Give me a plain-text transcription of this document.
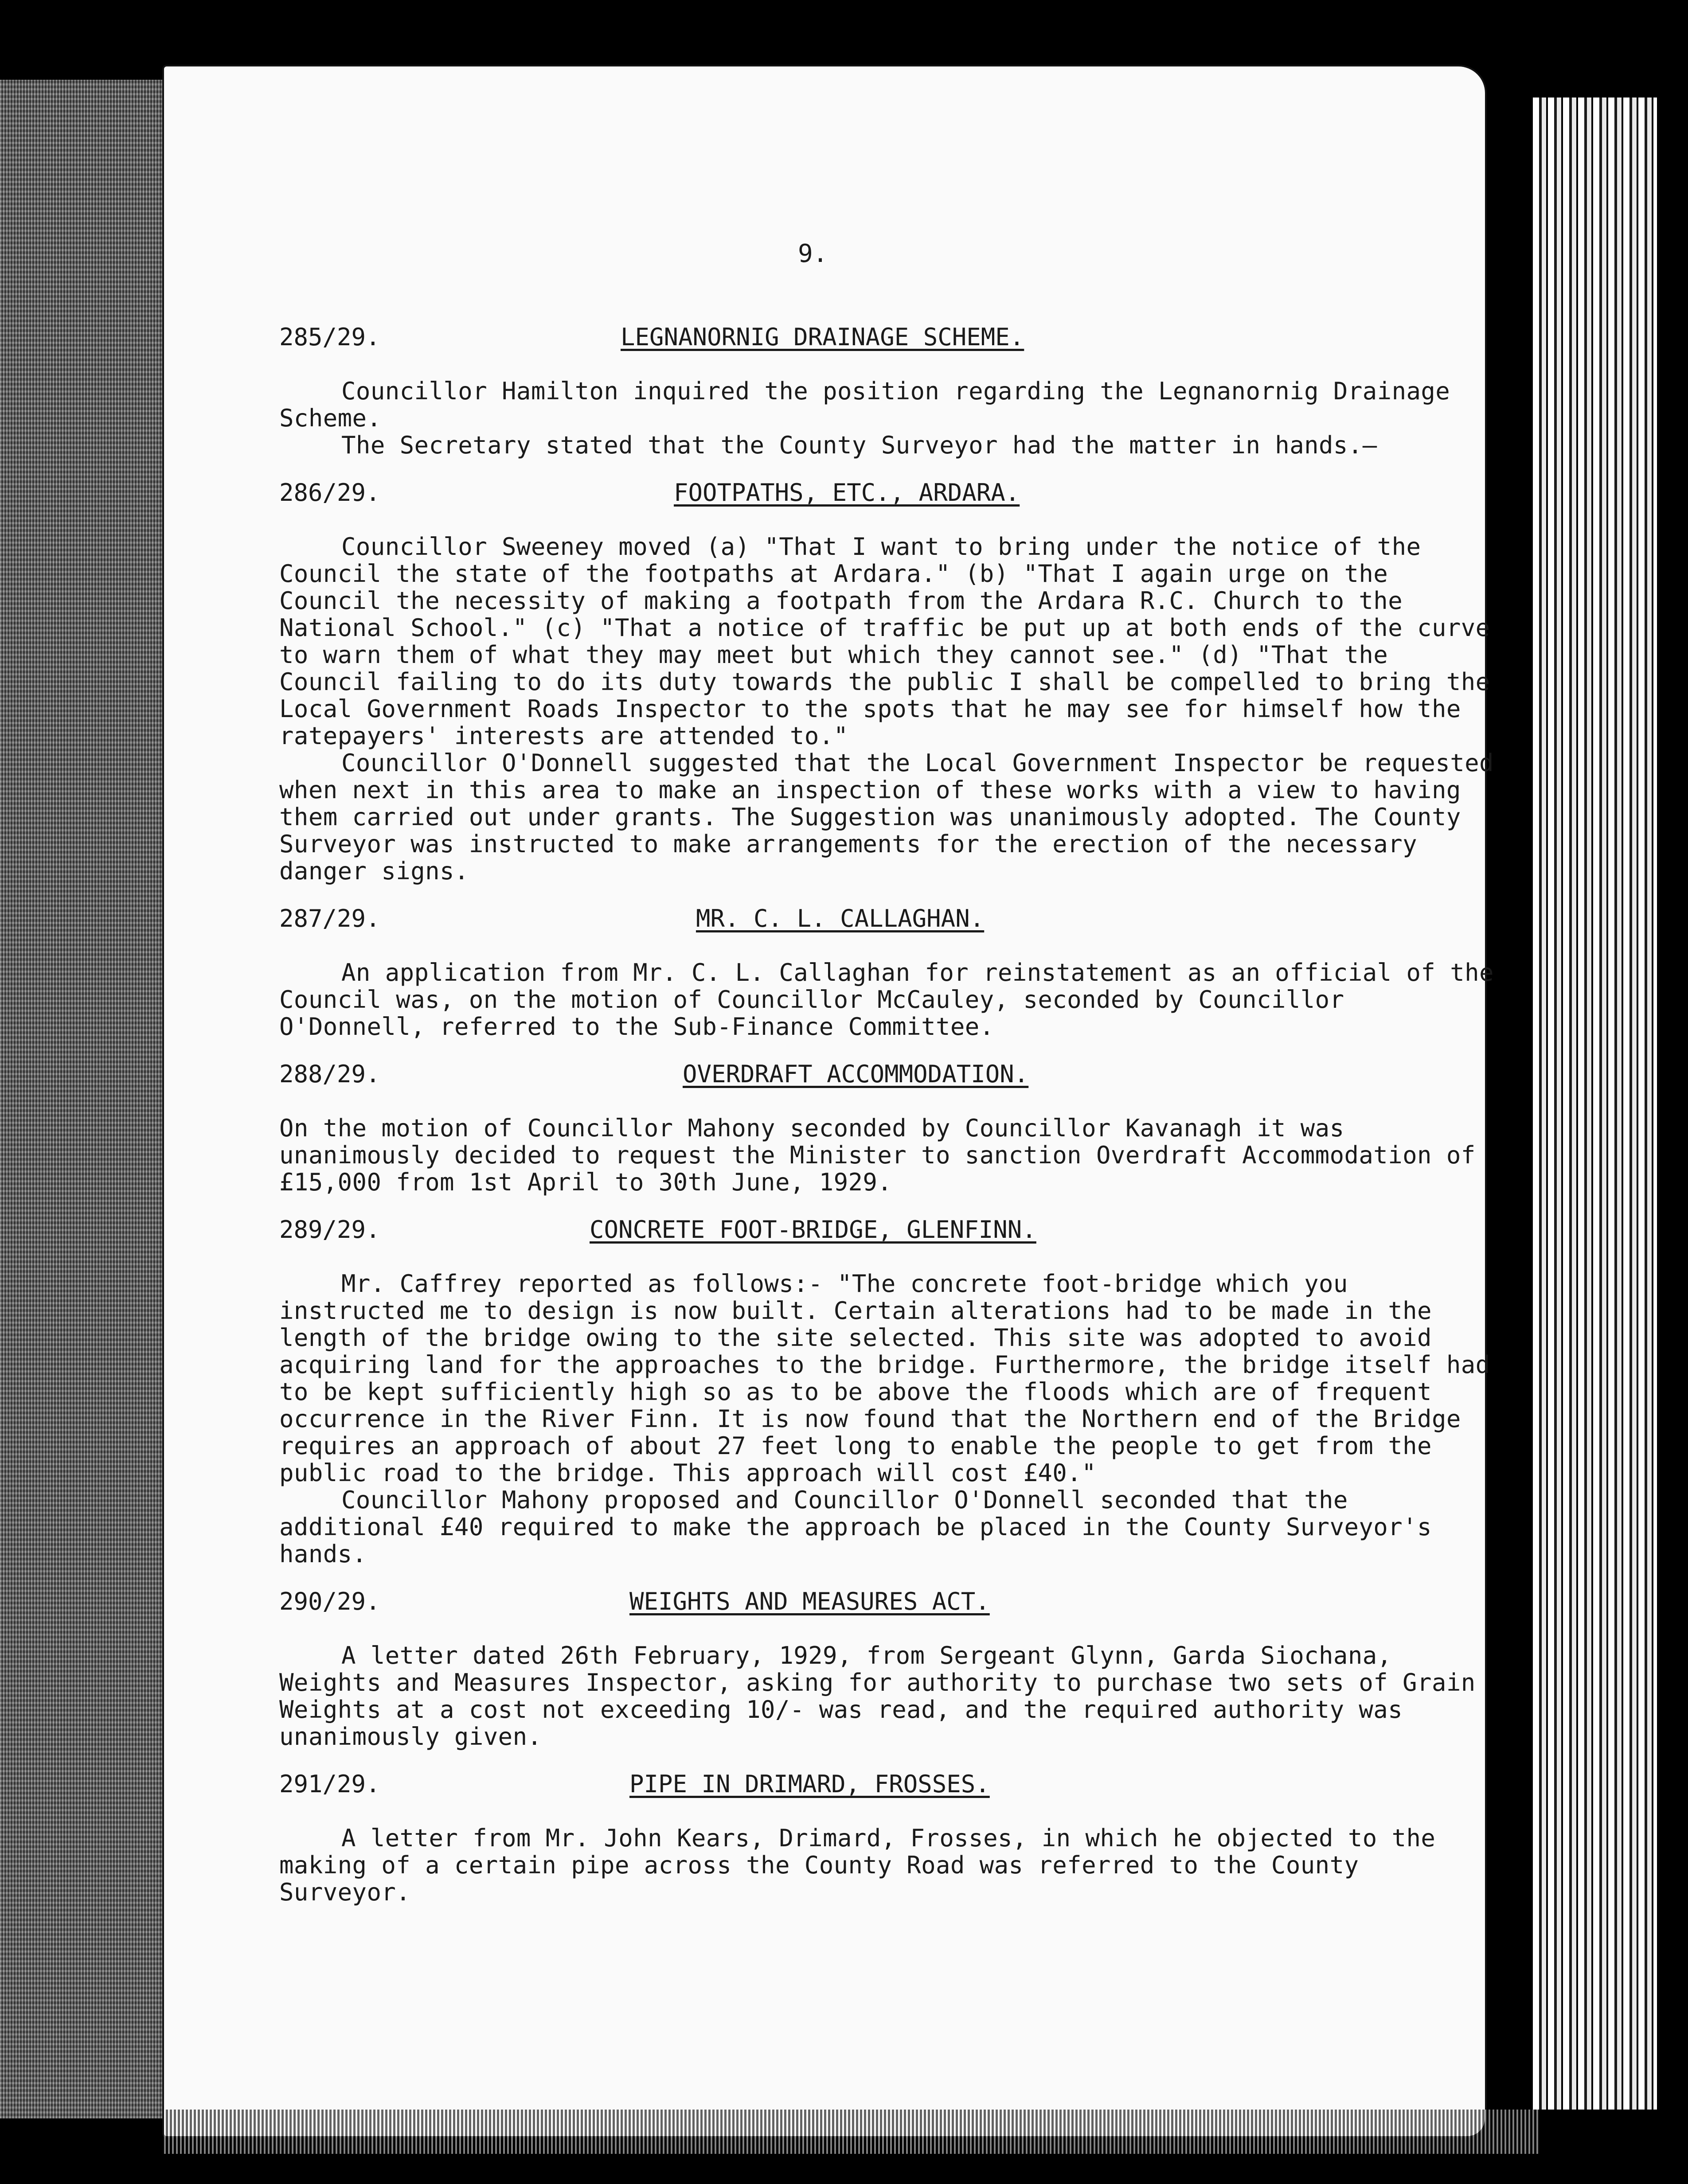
9.
285/29.	LEGNANORNIG DRAINAGE SCHEME.

Councillor Hamilton inquired the position regarding the Legnanornig Drainage Scheme.

The Secretary stated that the County Surveyor had the matter in hands.—

286/29.	FOOTPATHS, ETC., ARDARA.

Councillor Sweeney moved (a) "That I want to bring under the notice of the Council the state of the footpaths at Ardara." (b) "That I again urge on the Council the necessity of making a footpath from the Ardara R.C. Church to the National School." (c) "That a notice of traffic be put up at both ends of the curve to warn them of what they may meet but which they cannot see." (d) "That the Council failing to do its duty towards the public I shall be compelled to bring the Local Government Roads Inspector to the spots that he may see for himself how the ratepayers' interests are attended to."

Councillor O'Donnell suggested that the Local Government Inspector be requested when next in this area to make an inspection of these works with a view to having them carried out under grants. The Suggestion was unanimously adopted. The County Surveyor was instructed to make arrangements for the erection of the necessary danger signs.

287/29.	MR. C. L. CALLAGHAN.

An application from Mr. C. L. Callaghan for reinstatement as an official of the Council was, on the motion of Councillor McCauley, seconded by Councillor O'Donnell, referred to the Sub-Finance Committee.

288/29.	OVERDRAFT ACCOMMODATION.

On the motion of Councillor Mahony seconded by Councillor Kavanagh it was unanimously decided to request the Minister to sanction Overdraft Accommodation of £15,000 from 1st April to 30th June, 1929.

289/29.	CONCRETE FOOT-BRIDGE, GLENFINN.

Mr. Caffrey reported as follows:- "The concrete foot-bridge which you instructed me to design is now built. Certain alterations had to be made in the length of the bridge owing to the site selected. This site was adopted to avoid acquiring land for the approaches to the bridge. Furthermore, the bridge itself had to be kept sufficiently high so as to be above the floods which are of frequent occurrence in the River Finn. It is now found that the Northern end of the Bridge requires an approach of about 27 feet long to enable the people to get from the public road to the bridge. This approach will cost £40."

Councillor Mahony proposed and Councillor O'Donnell seconded that the additional £40 required to make the approach be placed in the County Surveyor's hands.

290/29.	WEIGHTS AND MEASURES ACT.

A letter dated 26th February, 1929, from Sergeant Glynn, Garda Siochana, Weights and Measures Inspector, asking for authority to purchase two sets of Grain Weights at a cost not exceeding 10/- was read, and the required authority was unanimously given.

291/29.	PIPE IN DRIMARD, FROSSES.

A letter from Mr. John Kears, Drimard, Frosses, in which he objected to the making of a certain pipe across the County Road was referred to the County Surveyor.
